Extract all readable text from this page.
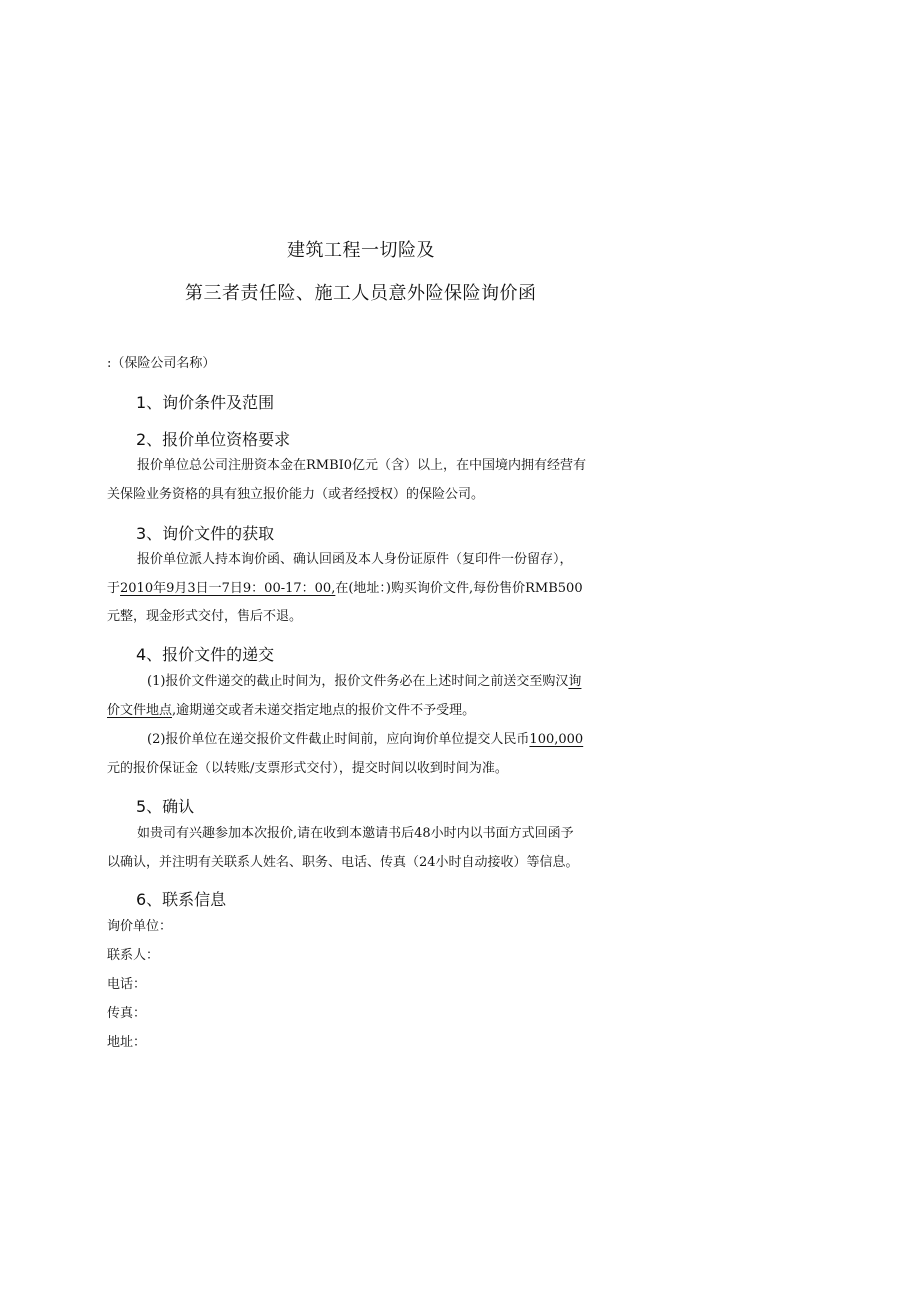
建筑工程一切险及
第三者责任险、施工人员意外险保险询价函
:（保险公司名称）
1、询价条件及范围
2、报价单位资格要求
报价单位总公司注册资本金在RMBI0亿元（含）以上，在中国境内拥有经营有
关保险业务资格的具有独立报价能力（或者经授权）的保险公司。
3、询价文件的获取
报价单位派人持本询价函、确认回函及本人身份证原件（复印件一份留存），
于2010年9月3日一7日9：00-17：00,在(地址：)购买询价文件,每份售价RMB500
元整，现金形式交付，售后不退。
4、报价文件的递交
(1)报价文件递交的截止时间为，报价文件务必在上述时间之前送交至购汉询
价文件地点,逾期递交或者未递交指定地点的报价文件不予受理。
(2)报价单位在递交报价文件截止时间前，应向询价单位提交人民币100,000
元的报价保证金（以转账/支票形式交付），提交时间以收到时间为准。
5、确认
如贵司有兴趣参加本次报价,请在收到本邀请书后48小时内以书面方式回函予
以确认，并注明有关联系人姓名、职务、电话、传真（24小时自动接收）等信息。
6、联系信息
询价单位：
联系人：
电话：
传真：
地址：
